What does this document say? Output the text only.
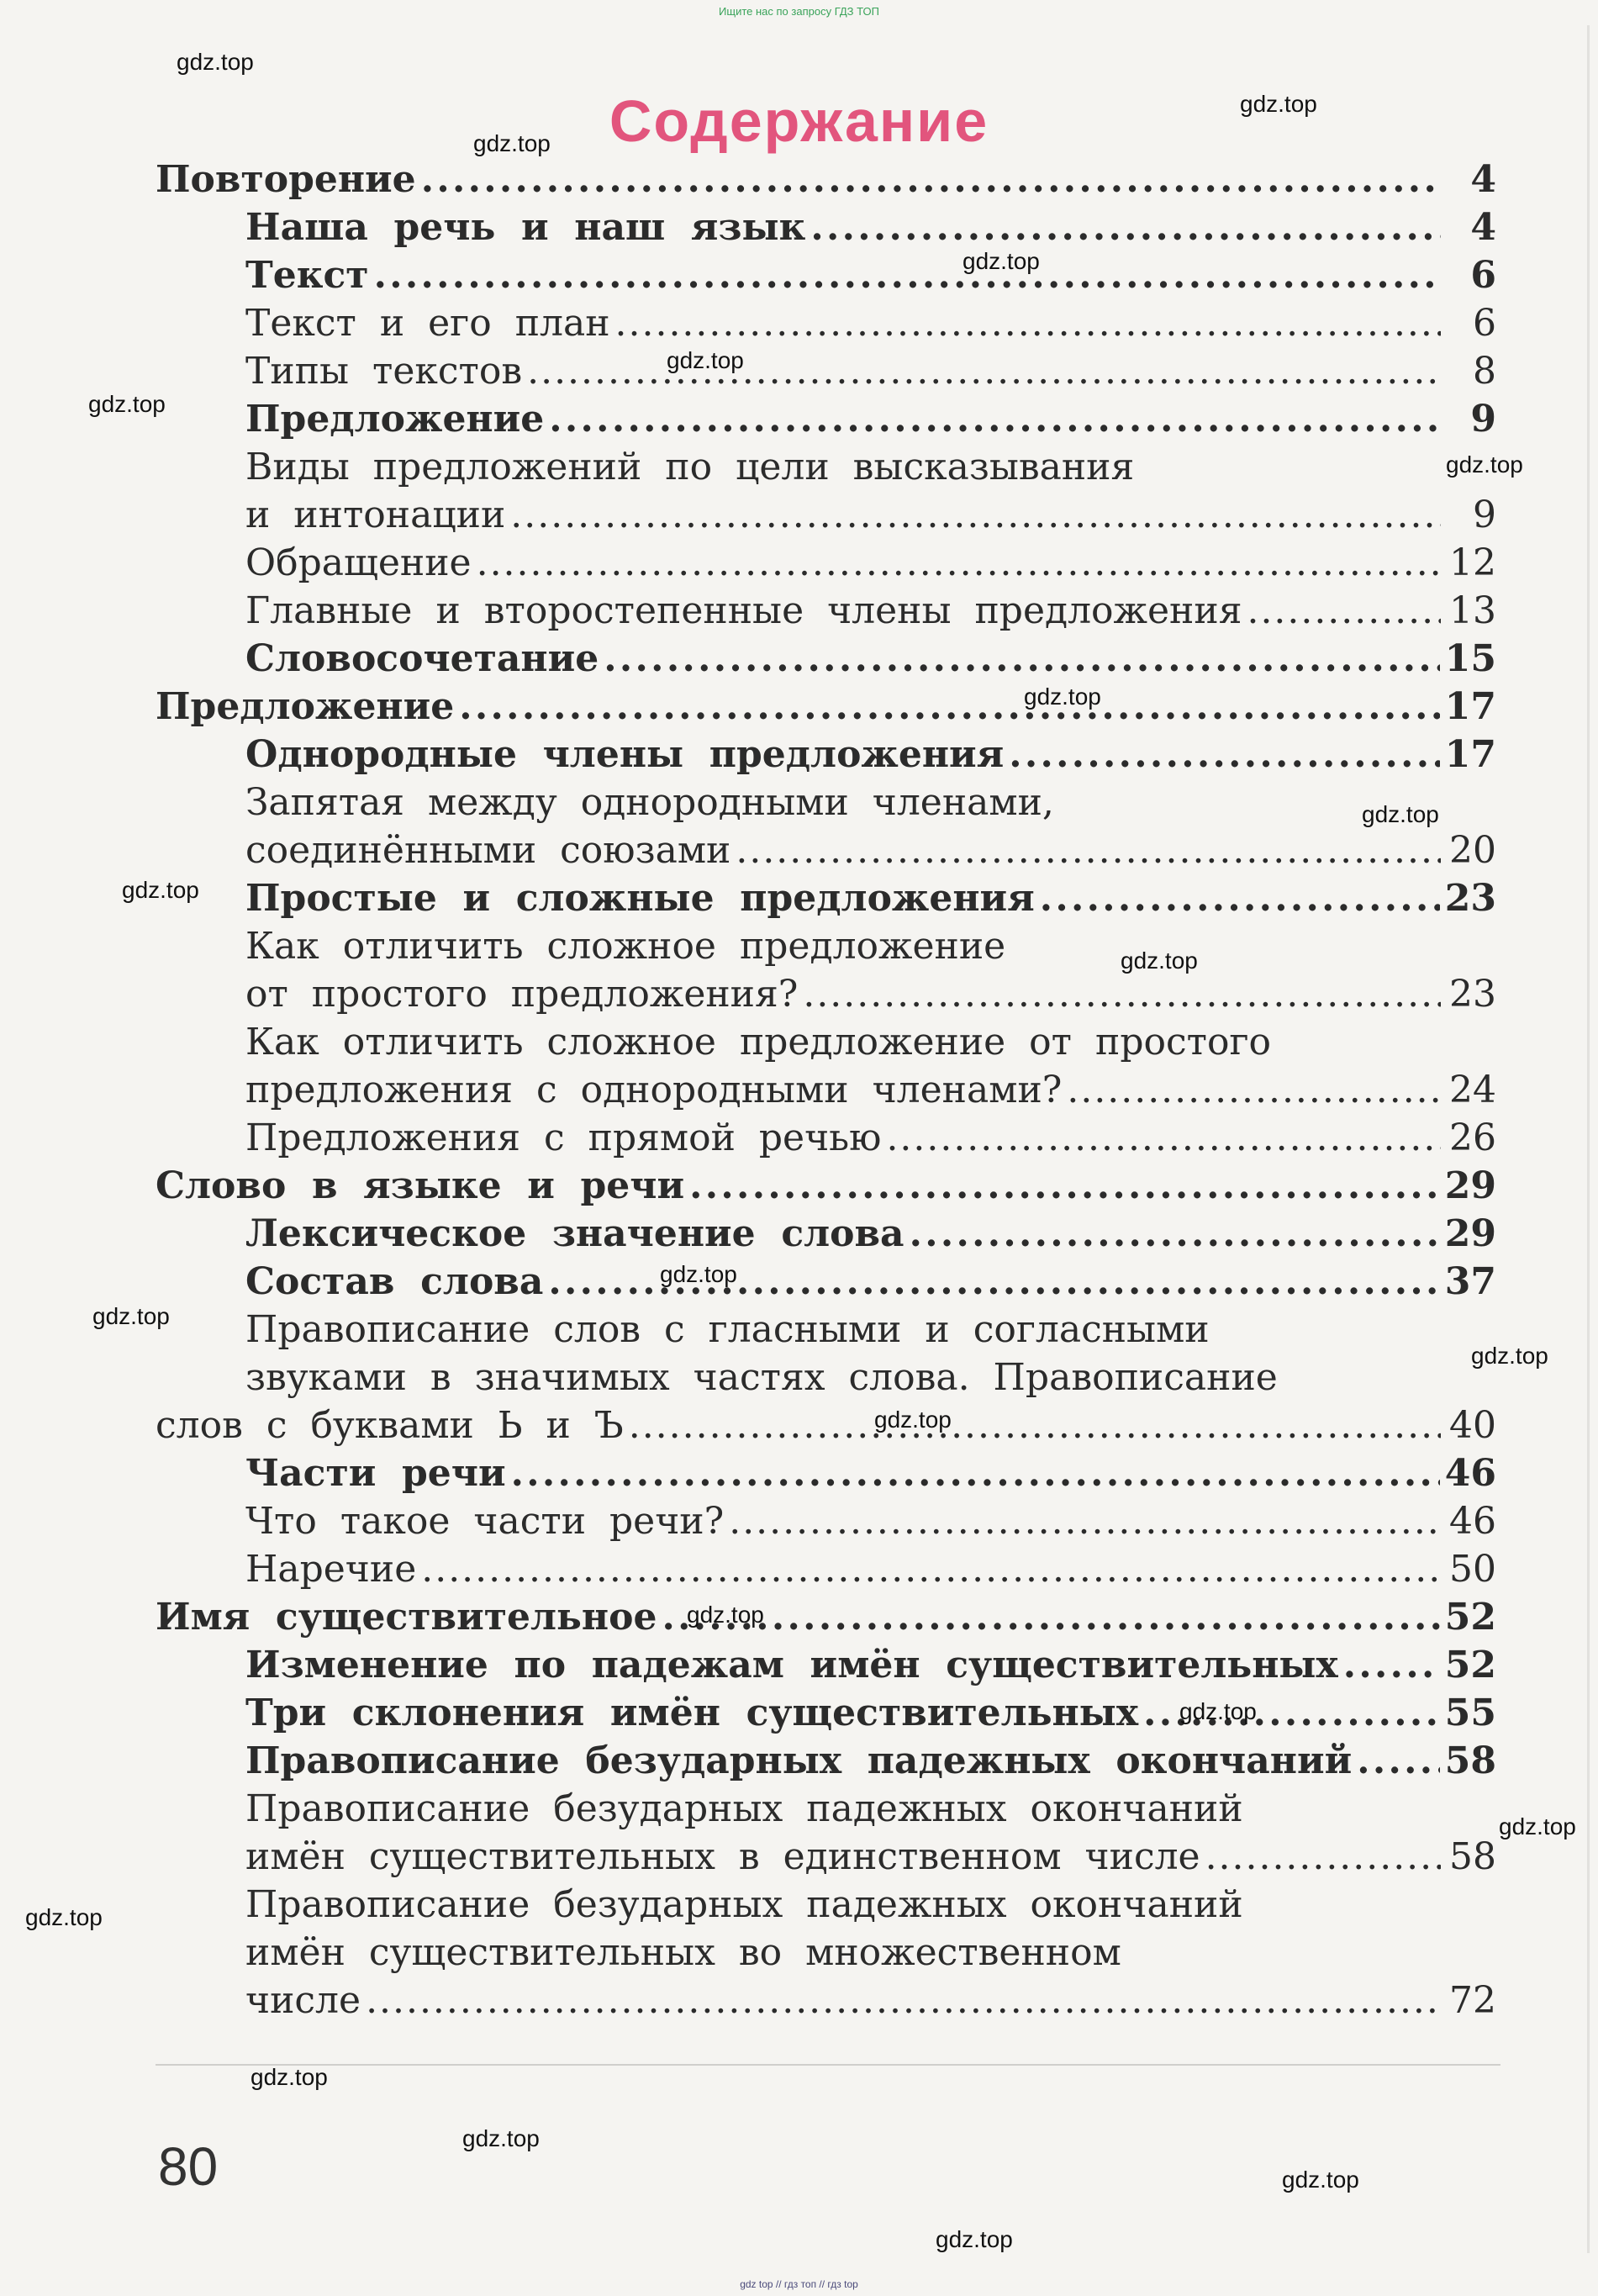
Ищите нас по запросу ГДЗ ТОП
Содержание
Повторение . . .	4
Наша  речь  и  наш  язык . . .	4
Текст . . .	6
Текст  и  его  план . . .	6
Типы  текстов . . .	8
Предложение . . .	9
Виды  предложений  по  цели  высказывания
и  интонации . . .	9
Обращение . . .	12
Главные  и  второстепенные  члены  предложения . . .	13
Словосочетание . . .	15
Предложение . . .	17
Однородные  члены  предложения . . .	17
Запятая  между  однородными  членами,
соединёнными  союзами . . .	20
Простые  и  сложные  предложения . . .	23
Как  отличить  сложное  предложение
от  простого  предложения? . . .	23
Как  отличить  сложное  предложение  от  простого
предложения  с  однородными  членами? . . .	24
Предложения  с  прямой  речью . . .	26
Слово  в  языке  и  речи . . .	29
Лексическое  значение  слова . . .	29
Состав  слова . . .	37
Правописание  слов  с  гласными  и  согласными
звуками  в  значимых  частях  слова.  Правописание
слов  с  буквами  Ь  и  Ъ . . .	40
Части  речи . . .	46
Что  такое  части  речи? . . .	46
Наречие . . .	50
Имя  существительное . . .	52
Изменение  по  падежам  имён  существительных . . .	52
Три  склонения  имён  существительных . . .	55
Правописание  безударных  падежных  окончаний . . .	58
Правописание  безударных  падежных  окончаний
имён  существительных  в  единственном  числе . . .	58
Правописание  безударных  падежных  окончаний
имён  существительных  во  множественном
числе . . .	72
80
gdz.top
gdz.top
gdz.top
gdz.top
gdz.top
gdz.top
gdz.top
gdz.top
gdz.top
gdz.top
gdz.top
gdz.top
gdz.top
gdz.top
gdz.top
gdz.top
gdz.top
gdz.top
gdz.top
gdz.top
gdz.top
gdz.top
gdz.top
gdz top // гдз топ // гдз top
